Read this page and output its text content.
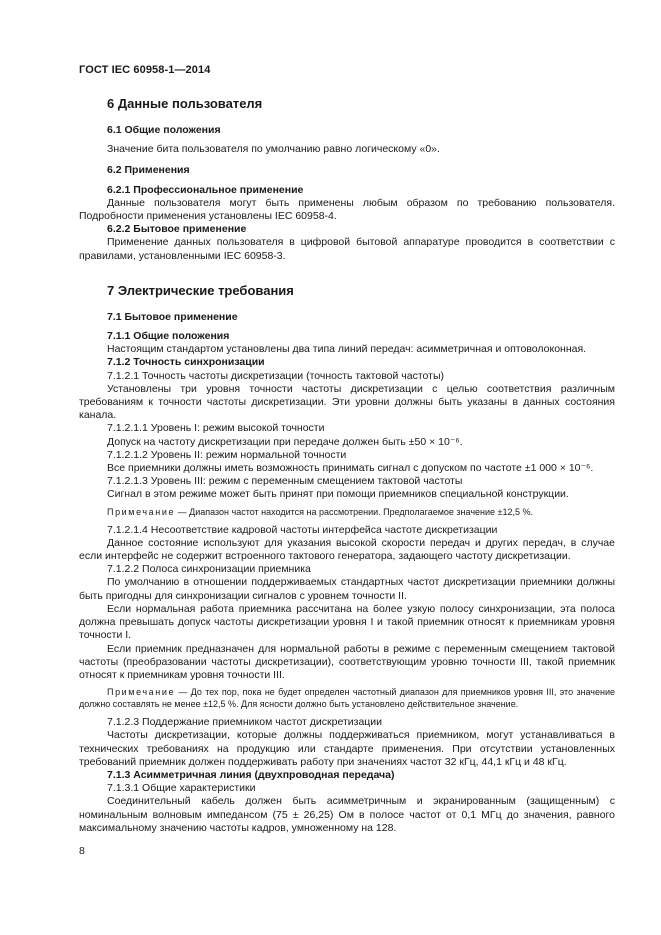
ГОСТ IEC 60958-1—2014
6 Данные пользователя
6.1 Общие положения
Значение бита пользователя по умолчанию равно логическому «0».
6.2 Применения
6.2.1 Профессиональное применение
Данные пользователя могут быть применены любым образом по требованию пользователя. Подробности применения установлены IEC 60958-4.
6.2.2 Бытовое применение
Применение данных пользователя в цифровой бытовой аппаратуре проводится в соответствии с правилами, установленными IEC 60958-3.
7 Электрические требования
7.1 Бытовое применение
7.1.1 Общие положения
Настоящим стандартом установлены два типа линий передач: асимметричная и оптоволоконная.
7.1.2 Точность синхронизации
7.1.2.1 Точность частоты дискретизации (точность тактовой частоты)
Установлены три уровня точности частоты дискретизации с целью соответствия различным требованиям к точности частоты дискретизации. Эти уровни должны быть указаны в данных состояния канала.
7.1.2.1.1 Уровень I: режим высокой точности
Допуск на частоту дискретизации при передаче должен быть ±50 × 10⁻⁶.
7.1.2.1.2 Уровень II: режим нормальной точности
Все приемники должны иметь возможность принимать сигнал с допуском по частоте ±1 000 × 10⁻⁶.
7.1.2.1.3 Уровень III: режим с переменным смещением тактовой частоты
Сигнал в этом режиме может быть принят при помощи приемников специальной конструкции.
Примечание — Диапазон частот находится на рассмотрении. Предполагаемое значение ±12,5 %.
7.1.2.1.4 Несоответствие кадровой частоты интерфейса частоте дискретизации
Данное состояние используют для указания высокой скорости передач и других передач, в случае если интерфейс не содержит встроенного тактового генератора, задающего частоту дискретизации.
7.1.2.2 Полоса синхронизации приемника
По умолчанию в отношении поддерживаемых стандартных частот дискретизации приемники должны быть пригодны для синхронизации сигналов с уровнем точности II.
Если нормальная работа приемника рассчитана на более узкую полосу синхронизации, эта полоса должна превышать допуск частоты дискретизации уровня I и такой приемник относят к приемникам уровня точности I.
Если приемник предназначен для нормальной работы в режиме с переменным смещением тактовой частоты (преобразовании частоты дискретизации), соответствующим уровню точности III, такой приемник относят к приемникам уровня точности III.
Примечание — До тех пор, пока не будет определен частотный диапазон для приемников уровня III, это значение должно составлять не менее ±12,5 %. Для ясности должно быть установлено действительное значение.
7.1.2.3 Поддержание приемником частот дискретизации
Частоты дискретизации, которые должны поддерживаться приемником, могут устанавливаться в технических требованиях на продукцию или стандарте применения. При отсутствии установленных требований приемник должен поддерживать работу при значениях частот 32 кГц, 44,1 кГц и 48 кГц.
7.1.3 Асимметричная линия (двухпроводная передача)
7.1.3.1 Общие характеристики
Соединительный кабель должен быть асимметричным и экранированным (защищенным) с номинальным волновым импедансом (75 ± 26,25) Ом в полосе частот от 0,1 МГц до значения, равного максимальному значению частоты кадров, умноженному на 128.
8
